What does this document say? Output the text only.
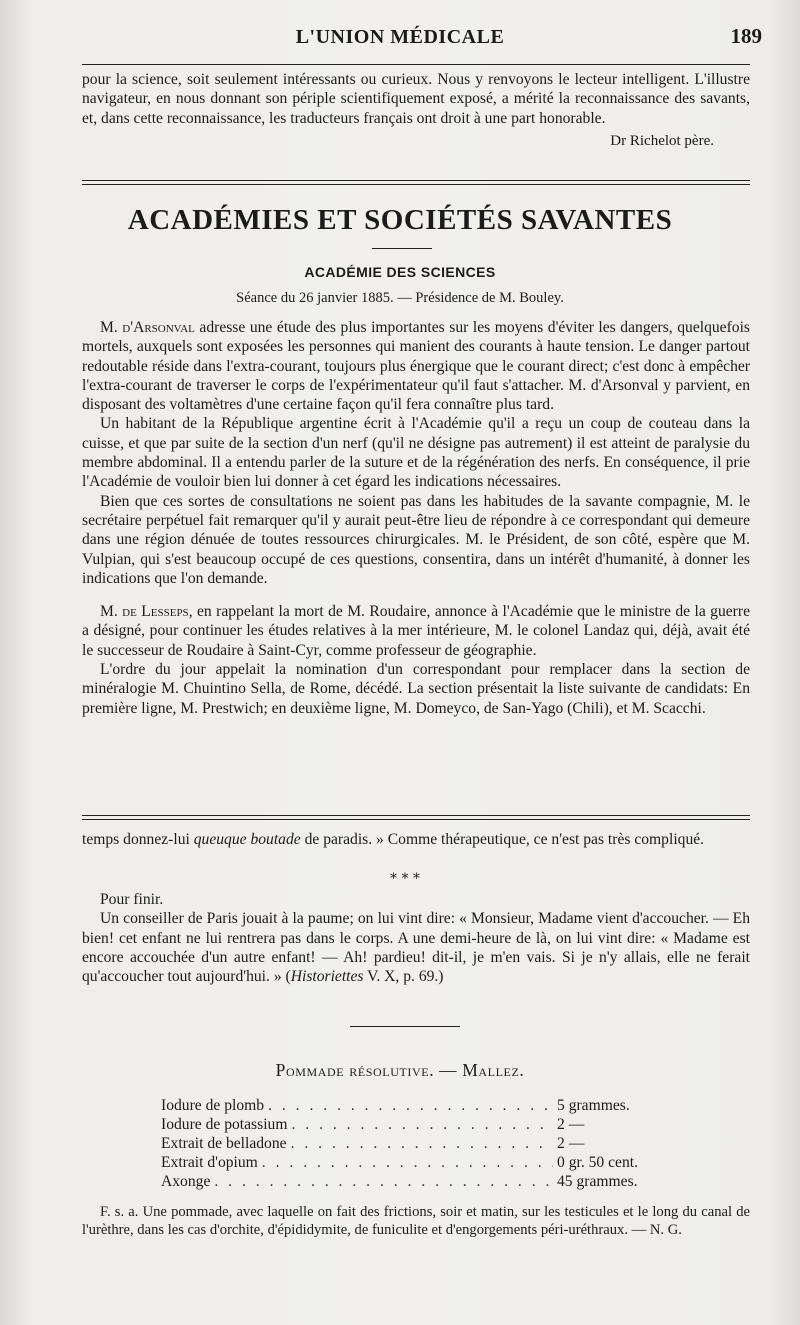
L'UNION MÉDICALE	189

pour la science, soit seulement intéressants ou curieux. Nous y renvoyons le lecteur intelligent. L'illustre navigateur, en nous donnant son périple scientifiquement exposé, a mérité la reconnaissance des savants, et, dans cette reconnaissance, les traducteurs français ont droit à une part honorable.

Dr Richelot père.

ACADÉMIES ET SOCIÉTÉS SAVANTES
ACADÉMIE DES SCIENCES
Séance du 26 janvier 1885. — Présidence de M. Bouley.

M. d'Arsonval adresse une étude des plus importantes sur les moyens d'éviter les dangers, quelquefois mortels, auxquels sont exposées les personnes qui manient des courants à haute tension. Le danger partout redoutable réside dans l'extra-courant, toujours plus énergique que le courant direct; c'est donc à empêcher l'extra-courant de traverser le corps de l'expérimentateur qu'il faut s'attacher. M. d'Arsonval y parvient, en disposant des voltamètres d'une certaine façon qu'il fera connaître plus tard.

Un habitant de la République argentine écrit à l'Académie qu'il a reçu un coup de couteau dans la cuisse, et que par suite de la section d'un nerf (qu'il ne désigne pas autrement) il est atteint de paralysie du membre abdominal. Il a entendu parler de la suture et de la régénération des nerfs. En conséquence, il prie l'Académie de vouloir bien lui donner à cet égard les indications nécessaires.

Bien que ces sortes de consultations ne soient pas dans les habitudes de la savante compagnie, M. le secrétaire perpétuel fait remarquer qu'il y aurait peut-être lieu de répondre à ce correspondant qui demeure dans une région dénuée de toutes ressources chirurgicales. M. le Président, de son côté, espère que M. Vulpian, qui s'est beaucoup occupé de ces questions, consentira, dans un intérêt d'humanité, à donner les indications que l'on demande.

M. de Lesseps, en rappelant la mort de M. Roudaire, annonce à l'Académie que le ministre de la guerre a désigné, pour continuer les études relatives à la mer intérieure, M. le colonel Landaz qui, déjà, avait été le successeur de Roudaire à Saint-Cyr, comme professeur de géographie.

L'ordre du jour appelait la nomination d'un correspondant pour remplacer dans la section de minéralogie M. Chuintino Sella, de Rome, décédé. La section présentait la liste suivante de candidats: En première ligne, M. Prestwich; en deuxième ligne, M. Domeyco, de San-Yago (Chili), et M. Scacchi.

temps donnez-lui queuque boutade de paradis. » Comme thérapeutique, ce n'est pas très compliqué.

* * *

Pour finir.

Un conseiller de Paris jouait à la paume; on lui vint dire: « Monsieur, Madame vient d'accoucher. — Eh bien! cet enfant ne lui rentrera pas dans le corps. A une demi-heure de là, on lui vint dire: « Madame est encore accouchée d'un autre enfant! — Ah! pardieu! dit-il, je m'en vais. Si je n'y allais, elle ne ferait qu'accoucher tout aujourd'hui. » (Historiettes V. X, p. 69.)

Pommade résolutive. — Mallez.
Iodure de plomb . . .	5 grammes.
Iodure de potassium . . .	2 —
Extrait de belladone . . .	2 —
Extrait d'opium . . .	0 gr. 50 cent.
Axonge . . .	45 grammes.

F. s. a. Une pommade, avec laquelle on fait des frictions, soir et matin, sur les testicules et le long du canal de l'urèthre, dans les cas d'orchite, d'épididymite, de funiculite et d'engorgements péri-uréthraux. — N. G.
